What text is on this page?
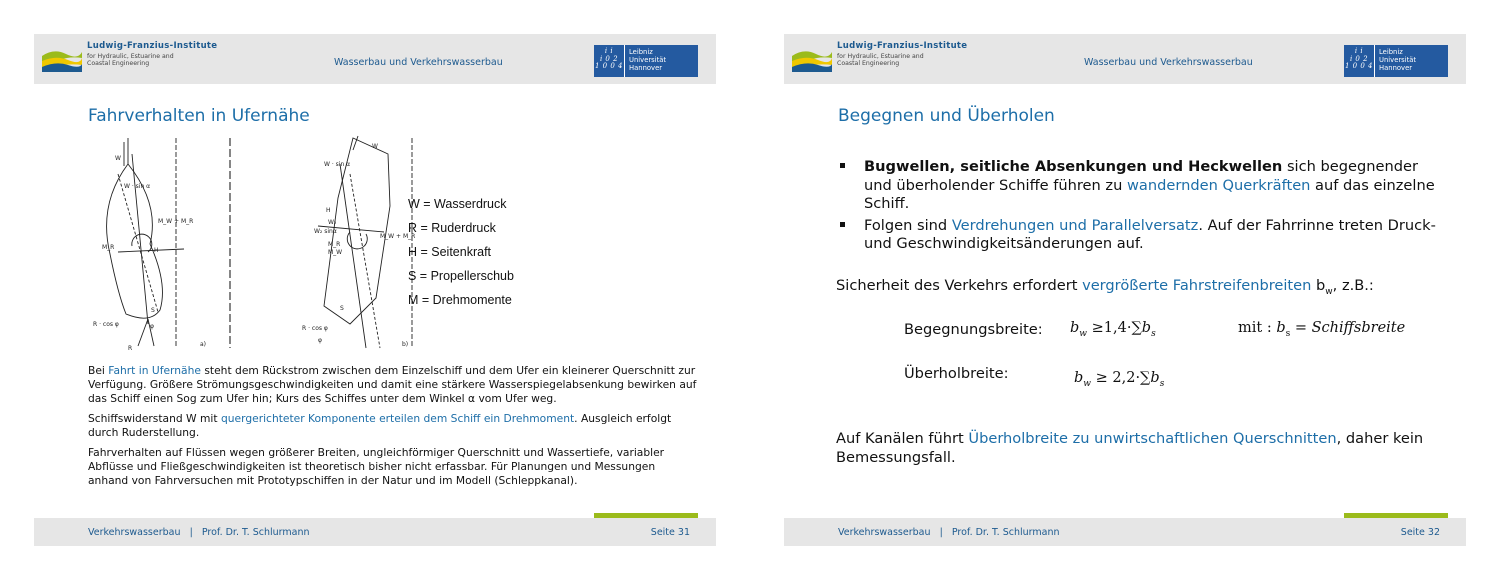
Ludwig-Franzius-Institute
for Hydraulic, Estuarine and
Coastal Engineering	Wasserbau und Verkehrswasserbau
i i
i 0 2
1 0 0 4
Leibniz
Universität
Hannover
Fahrverhalten in Ufernähe
W
W · sin α
M_W + M_R
M_R	H
R · cos φ
S
φ
R
a)
W
W · sin α
H
W₂
W₂ sinα
M_W + M_R
M_R
M_W
S
R · cos φ
φ
b)
W = Wasserdruck
R = Ruderdruck
H = Seitenkraft
S = Propellerschub
M = Drehmomente

Bei Fahrt in Ufernähe steht dem Rückstrom zwischen dem Einzelschiff und dem Ufer ein kleinerer Querschnitt zur Verfügung. Größere Strömungsgeschwindigkeiten und damit eine stärkere Wasserspiegelabsenkung bewirken auf das Schiff einen Sog zum Ufer hin; Kurs des Schiffes unter dem Winkel α vom Ufer weg.

Schiffswiderstand W mit quergerichteter Komponente erteilen dem Schiff ein Drehmoment. Ausgleich erfolgt durch Ruderstellung.

Fahrverhalten auf Flüssen wegen größerer Breiten, ungleichförmiger Querschnitt und Wassertiefe, variabler Abflüsse und Fließgeschwindigkeiten ist theoretisch bisher nicht erfassbar. Für Planungen und Messungen anhand von Fahrversuchen mit Prototypschiffen in der Natur und im Modell (Schleppkanal).

Verkehrswasserbau | Prof. Dr. T. Schlurmann	Seite 31
Ludwig-Franzius-Institute
for Hydraulic, Estuarine and
Coastal Engineering	Wasserbau und Verkehrswasserbau
i i
i 0 2
1 0 0 4
Leibniz
Universität
Hannover
Begegnen und Überholen
Bugwellen, seitliche Absenkungen und Heckwellen sich begegnender und überholender Schiffe führen zu wandernden Querkräften auf das einzelne Schiff.
Folgen sind Verdrehungen und Parallelversatz. Auf der Fahrrinne treten Druck- und Geschwindigkeitsänderungen auf.
Sicherheit des Verkehrs erfordert vergrößerte Fahrstreifenbreiten $b_w$, z.B.:
Begegnungsbreite: $b_w \ge 1,4\cdot\sum b_s$	mit : $b_s$ = Schiffsbreite
Überholbreite:	$b_w \ge 2,2\cdot\sum b_s$
Auf Kanälen führt Überholbreite zu unwirtschaftlichen Querschnitten, daher kein Bemessungsfall.
Verkehrswasserbau | Prof. Dr. T. Schlurmann	Seite 32
